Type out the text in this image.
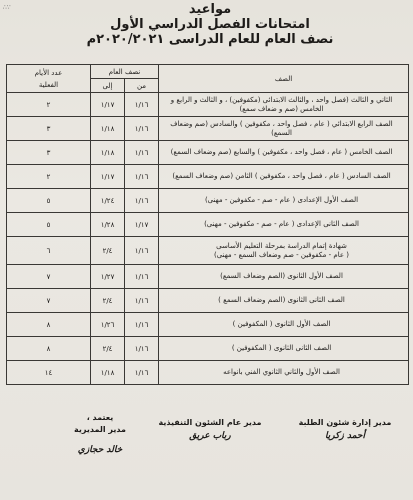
∴∵	مواعيد
امتحانات الفصل الدراسي الأول
نصف العام للعام الدراسى ٢٠٢٠/٢٠٢١م
الصف	نصف العام		عدد الأيام
الفعلية

	من	إلى	
الثاني و الثالث (فصل واحد ، والثالث الابتدائى (مكفوفين) ، و الثالث و الرابع و الخامس (صم و ضعاف سمع)	١/١٦	١/١٧	٢
الصف الرابع الابتدائي ( عام ، فصل واحد ، مكفوفين ) والسادس (صم وضعاف السمع)	١/١٦	١/١٨	٣
الصف الخامس ( عام ، فصل واحد ، مكفوفين ) والسابع (صم وضعاف السمع)	١/١٦	١/١٨	٣
الصف السادس ( عام ، فصل واحد ، مكفوفين ) الثامن (صم وضعاف السمع)	١/١٦	١/١٧	٢
الصف الأول الإعدادى ( عام - صم - مكفوفين - مهنى)	١/١٦	١/٢٤	٥
الصف الثانى الإعدادى ( عام - صم - مكفوفين - مهنى)	١/١٧	١/٢٨	٥

شهادة إتمام الدراسة بمرحلة التعليم الأساسى
( عام - مكفوفين - صم وضعاف السمع - مهنى)	١/١٦	٢/٤	٦
الصف الأول الثانوى (الصم وضعاف السمع)	١/١٦	١/٢٧	٧
الصف الثانى الثانوى (الصم وضعاف السمع )	١/١٦	٢/٤	٧
الصف الأول الثانوى ( المكفوفين )	١/١٦	١/٢٦	٨
الصف الثانى الثانوى ( المكفوفين )	١/١٦	٢/٤	٨
الصف الأول والثاني الثانوي الفني بانواعه	١/١٦	١/١٨	١٤
مدير إدارة شئون الطلبة
أحمد زكريا
مدير عام الشئون التنفيذية
رباب عريق
يعتمد ،
مدير المديرية
خالد حجازي
